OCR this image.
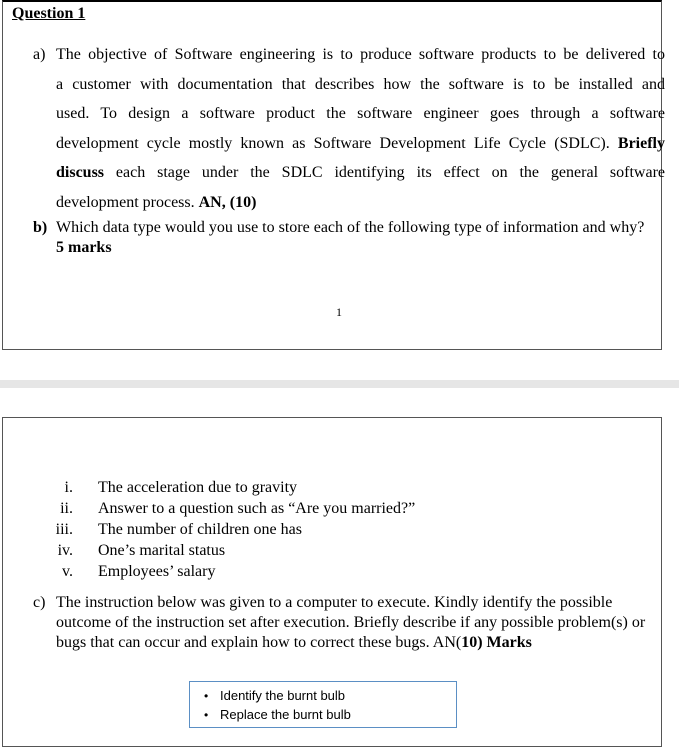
Question 1
a) The objective of Software engineering is to produce software products to be delivered to
a customer with documentation that describes how the software is to be installed and
used. To design a software product the software engineer goes through a software
development cycle mostly known as Software Development Life Cycle (SDLC). Briefly
discuss each stage under the SDLC identifying its effect on the general software
development process. AN, (10)
b) Which data type would you use to store each of the following type of information and why? 5 marks
1
i. The acceleration due to gravity
ii. Answer to a question such as “Are you married?”
iii. The number of children one has
iv. One’s marital status
v. Employees’ salary
c) The instruction below was given to a computer to execute. Kindly identify the possible outcome of the instruction set after execution. Briefly describe if any possible problem(s) or bugs that can occur and explain how to correct these bugs. AN(10) Marks
• Identify the burnt bulb
• Replace the burnt bulb
